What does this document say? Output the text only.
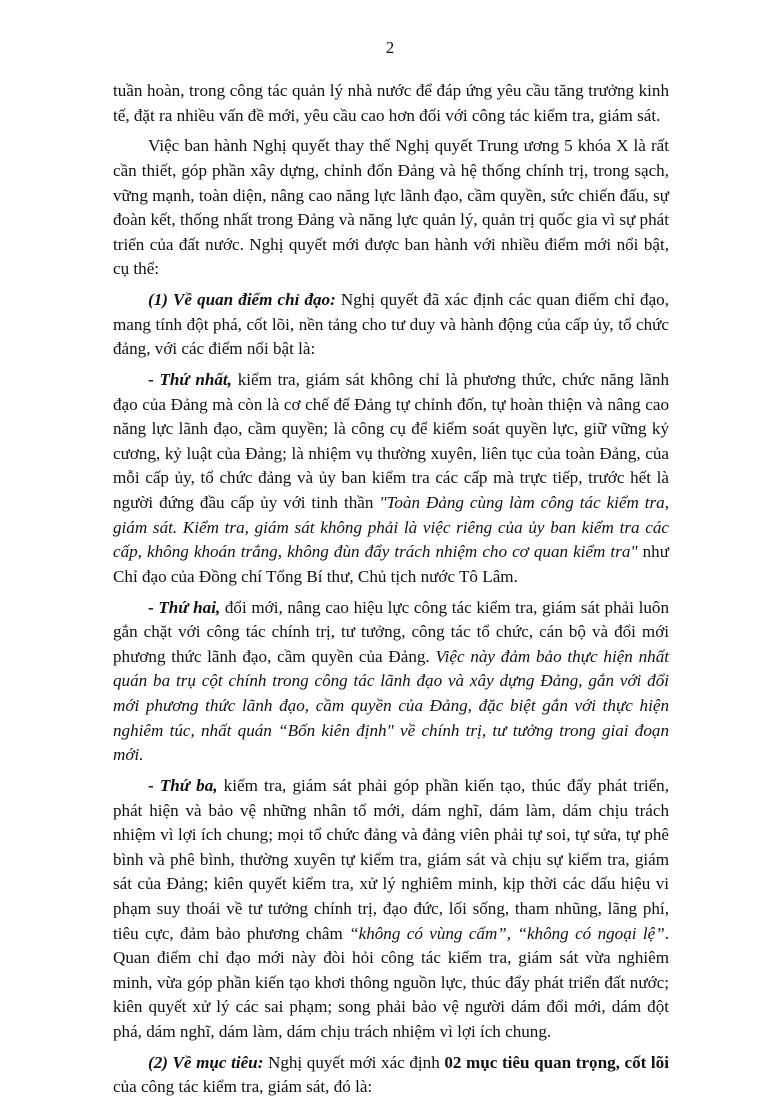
2

tuần hoàn, trong công tác quản lý nhà nước để đáp ứng yêu cầu tăng trưởng kinh tế, đặt ra nhiều vấn đề mới, yêu cầu cao hơn đối với công tác kiểm tra, giám sát.

Việc ban hành Nghị quyết thay thế Nghị quyết Trung ương 5 khóa X là rất cần thiết, góp phần xây dựng, chỉnh đốn Đảng và hệ thống chính trị, trong sạch, vững mạnh, toàn diện, nâng cao năng lực lãnh đạo, cầm quyền, sức chiến đấu, sự đoàn kết, thống nhất trong Đảng và năng lực quản lý, quản trị quốc gia vì sự phát triển của đất nước. Nghị quyết mới được ban hành với nhiều điểm mới nổi bật, cụ thể:

(1) Về quan điểm chỉ đạo: Nghị quyết đã xác định các quan điểm chỉ đạo, mang tính đột phá, cốt lõi, nền tảng cho tư duy và hành động của cấp ủy, tổ chức đảng, với các điểm nổi bật là:

- Thứ nhất, kiểm tra, giám sát không chỉ là phương thức, chức năng lãnh đạo của Đảng mà còn là cơ chế để Đảng tự chỉnh đốn, tự hoàn thiện và nâng cao năng lực lãnh đạo, cầm quyền; là công cụ để kiểm soát quyền lực, giữ vững kỷ cương, kỷ luật của Đảng; là nhiệm vụ thường xuyên, liên tục của toàn Đảng, của mỗi cấp ủy, tổ chức đảng và ủy ban kiểm tra các cấp mà trực tiếp, trước hết là người đứng đầu cấp ủy với tinh thần "Toàn Đảng cùng làm công tác kiểm tra, giám sát. Kiểm tra, giám sát không phải là việc riêng của ủy ban kiểm tra các cấp, không khoán trắng, không đùn đẩy trách nhiệm cho cơ quan kiểm tra" như Chỉ đạo của Đồng chí Tổng Bí thư, Chủ tịch nước Tô Lâm.

- Thứ hai, đổi mới, nâng cao hiệu lực công tác kiểm tra, giám sát phải luôn gắn chặt với công tác chính trị, tư tưởng, công tác tổ chức, cán bộ và đổi mới phương thức lãnh đạo, cầm quyền của Đảng. Việc này đảm bảo thực hiện nhất quán ba trụ cột chính trong công tác lãnh đạo và xây dựng Đảng, gắn với đổi mới phương thức lãnh đạo, cầm quyền của Đảng, đặc biệt gắn với thực hiện nghiêm túc, nhất quán “Bốn kiên định" về chính trị, tư tưởng trong giai đoạn mới.

- Thứ ba, kiểm tra, giám sát phải góp phần kiến tạo, thúc đẩy phát triển, phát hiện và bảo vệ những nhân tố mới, dám nghĩ, dám làm, dám chịu trách nhiệm vì lợi ích chung; mọi tổ chức đảng và đảng viên phải tự soi, tự sửa, tự phê bình và phê bình, thường xuyên tự kiểm tra, giám sát và chịu sự kiểm tra, giám sát của Đảng; kiên quyết kiểm tra, xử lý nghiêm minh, kịp thời các dấu hiệu vi phạm suy thoái về tư tưởng chính trị, đạo đức, lối sống, tham nhũng, lãng phí, tiêu cực, đảm bảo phương châm “không có vùng cấm”, “không có ngoại lệ”. Quan điểm chỉ đạo mới này đòi hỏi công tác kiểm tra, giám sát vừa nghiêm minh, vừa góp phần kiến tạo khơi thông nguồn lực, thúc đẩy phát triển đất nước; kiên quyết xử lý các sai phạm; song phải bảo vệ người dám đổi mới, dám đột phá, dám nghĩ, dám làm, dám chịu trách nhiệm vì lợi ích chung.

(2) Về mục tiêu: Nghị quyết mới xác định 02 mục tiêu quan trọng, cốt lõi của công tác kiểm tra, giám sát, đó là:
